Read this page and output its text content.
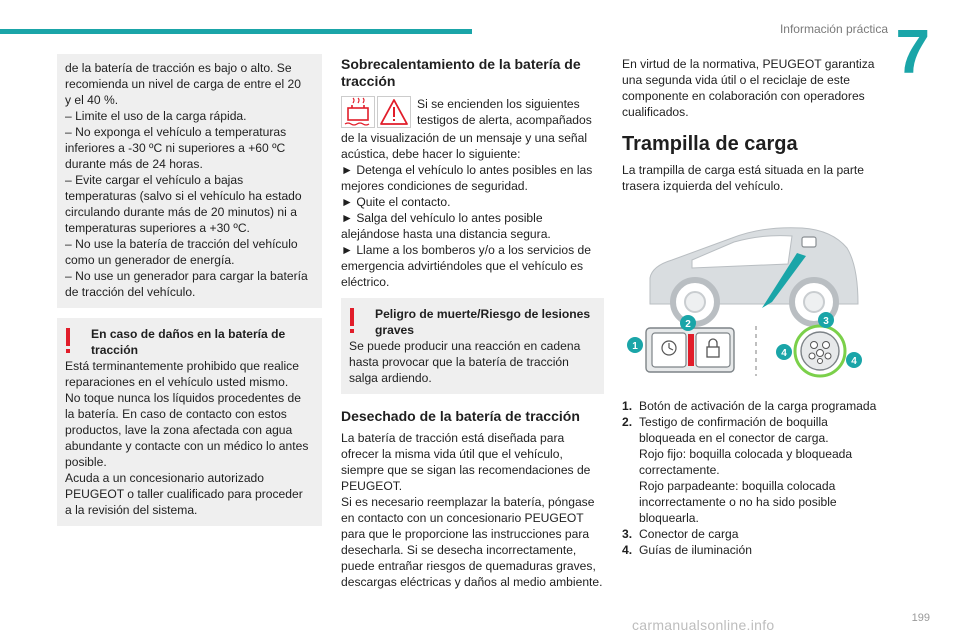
Información práctica 7
de la batería de tracción es bajo o alto. Se
recomienda un nivel de carga de entre el 20
y el 40 %.
– Limite el uso de la carga rápida.
– No exponga el vehículo a temperaturas
inferiores a -30 ºC ni superiores a +60 ºC
durante más de 24 horas.
– Evite cargar el vehículo a bajas
temperaturas (salvo si el vehículo ha estado
circulando durante más de 20 minutos) ni a
temperaturas superiores a +30 ºC.
– No use la batería de tracción del vehículo
como un generador de energía.
– No use un generador para cargar la batería
de tracción del vehículo.
En caso de daños en la batería de
tracción
Está terminantemente prohibido que realice
reparaciones en el vehículo usted mismo.
No toque nunca los líquidos procedentes de
la batería. En caso de contacto con estos
productos, lave la zona afectada con agua
abundante y contacte con un médico lo antes
posible.
Acuda a un concesionario autorizado
PEUGEOT o taller cualificado para proceder
a la revisión del sistema.
Sobrecalentamiento de la batería de
tracción
Si se encienden los siguientes
testigos de alerta, acompañados
de la visualización de un mensaje y una señal
acústica, debe hacer lo siguiente:
► Detenga el vehículo lo antes posibles en las
mejores condiciones de seguridad.
► Quite el contacto.
► Salga del vehículo lo antes posible
alejándose hasta una distancia segura.
► Llame a los bomberos y/o a los servicios de
emergencia advirtiéndoles que el vehículo es
eléctrico.
Peligro de muerte/Riesgo de lesiones
graves
Se puede producir una reacción en cadena
hasta provocar que la batería de tracción
salga ardiendo.
Desechado de la batería de tracción
La batería de tracción está diseñada para
ofrecer la misma vida útil que el vehículo,
siempre que se sigan las recomendaciones de
PEUGEOT.
Si es necesario reemplazar la batería, póngase
en contacto con un concesionario PEUGEOT
para que le proporcione las instrucciones para
desecharla. Si se desecha incorrectamente,
puede entrañar riesgos de quemaduras graves,
descargas eléctricas y daños al medio ambiente.
En virtud de la normativa, PEUGEOT garantiza
una segunda vida útil o el reciclaje de este
componente en colaboración con operadores
cualificados.
Trampilla de carga
La trampilla de carga está situada en la parte
trasera izquierda del vehículo.
1
2	3
4
4
1. Botón de activación de la carga programada
2. Testigo de confirmación de boquilla
bloqueada en el conector de carga.
Rojo fijo: boquilla colocada y bloqueada
correctamente.
Rojo parpadeante: boquilla colocada
incorrectamente o no ha sido posible
bloquearla.
3. Conector de carga
4. Guías de iluminación
199
carmanualsonline.info
